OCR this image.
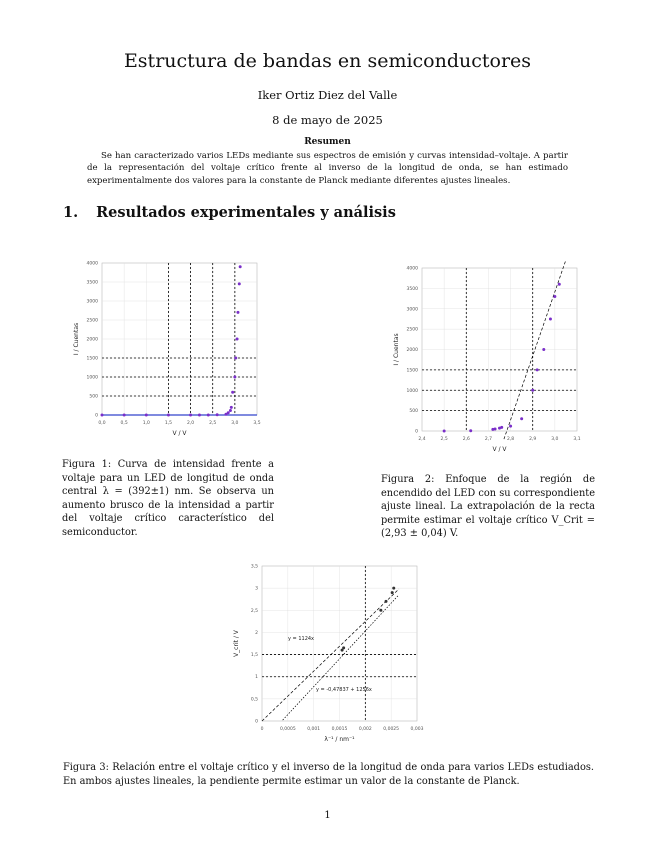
Estructura de bandas en semiconductores
Iker Ortiz Diez del Valle
8 de mayo de 2025
Resumen
Se han caracterizado varios LEDs mediante sus espectros de emisión y curvas intensidad–voltaje. A partir de la representación del voltaje crítico frente al inverso de la longitud de onda, se han estimado experimentalmente dos valores para la constante de Planck mediante diferentes ajustes lineales.
1. Resultados experimentales y análisis
0,0	0,5	1,0	1,5	2,0	2,5	3,0	3,5
0
500
1000
1500
2000
2500
3000
3500
4000
V / V
I / Cuentas
Figura 1: Curva de intensidad frente a voltaje para un LED de longitud de onda central λ = (392±1) nm. Se observa un aumento brusco de la intensidad a partir del voltaje crítico característico del semiconductor.
2,4	2,5	2,6	2,7	2,8	2,9	3,0	3,1
0
500
1000
1500
2000
2500
3000
3500
4000
V / V
I / Cuentas
Figura 2: Enfoque de la región de encendido del LED con su correspondiente ajuste lineal. La extrapolación de la recta permite estimar el voltaje crítico V_Crit = (2,93 ± 0,04) V.
0	0,0005	0,001	0,0015	0,002	0,0025	0,003
0
0,5
1
1,5
2
2,5
3
3,5
λ⁻¹ / nm⁻¹
V_crit / V	y = 1124x
y = -0,47837 + 1256x
Figura 3: Relación entre el voltaje crítico y el inverso de la longitud de onda para varios LEDs estudiados. En ambos ajustes lineales, la pendiente permite estimar un valor de la constante de Planck.
1
